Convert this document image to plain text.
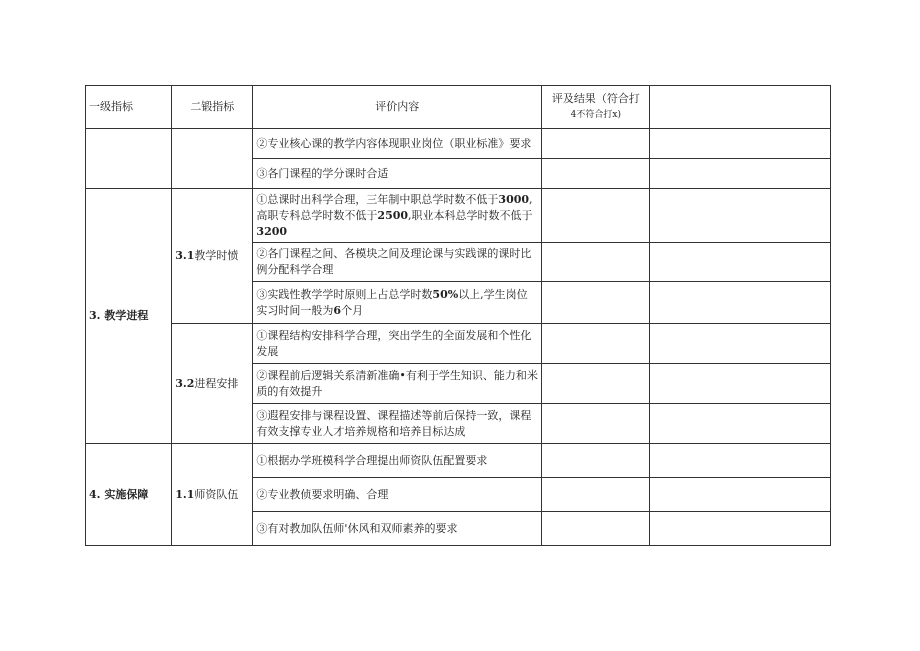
一级指标	二锻指标	评价内容	评及结果（符合打
4不符合打x)	

		②专业核心课的教学内容体现职业岗位（职业标准》要求		
		③各门课程的学分课时合适		
3. 教学进程	3.1教学时愤	①总课时出科学合理，三年制中职总学时数不低于3000,高职专科总学时数不低于2500,职业本科总学时数不低于3200		
		②各门课程之间、各模块之间及理论课与实践课的课时比例分配科学合理		
		③实践性教学学时原则上占总学时数50%以上,学生岗位实习时间一般为6个月		
	3.2进程安排	①课程结构安排科学合理，突出学生的全面发展和个性化发展		
		②课程前后逻辑关系清新准确•有利于学生知识、能力和米质的有效提升		
		③遐程安排与课程设置、课程描述等前后保持一致，课程有效支撑专业人才培养规格和培养目标达成		
4. 实施保障	1.1师资队伍	①根据办学班模科学合理提出师资队伍配置要求		
		②专业教侦要求明确、合理		
		③有对教加队伍师'休风和双师素养的要求		
